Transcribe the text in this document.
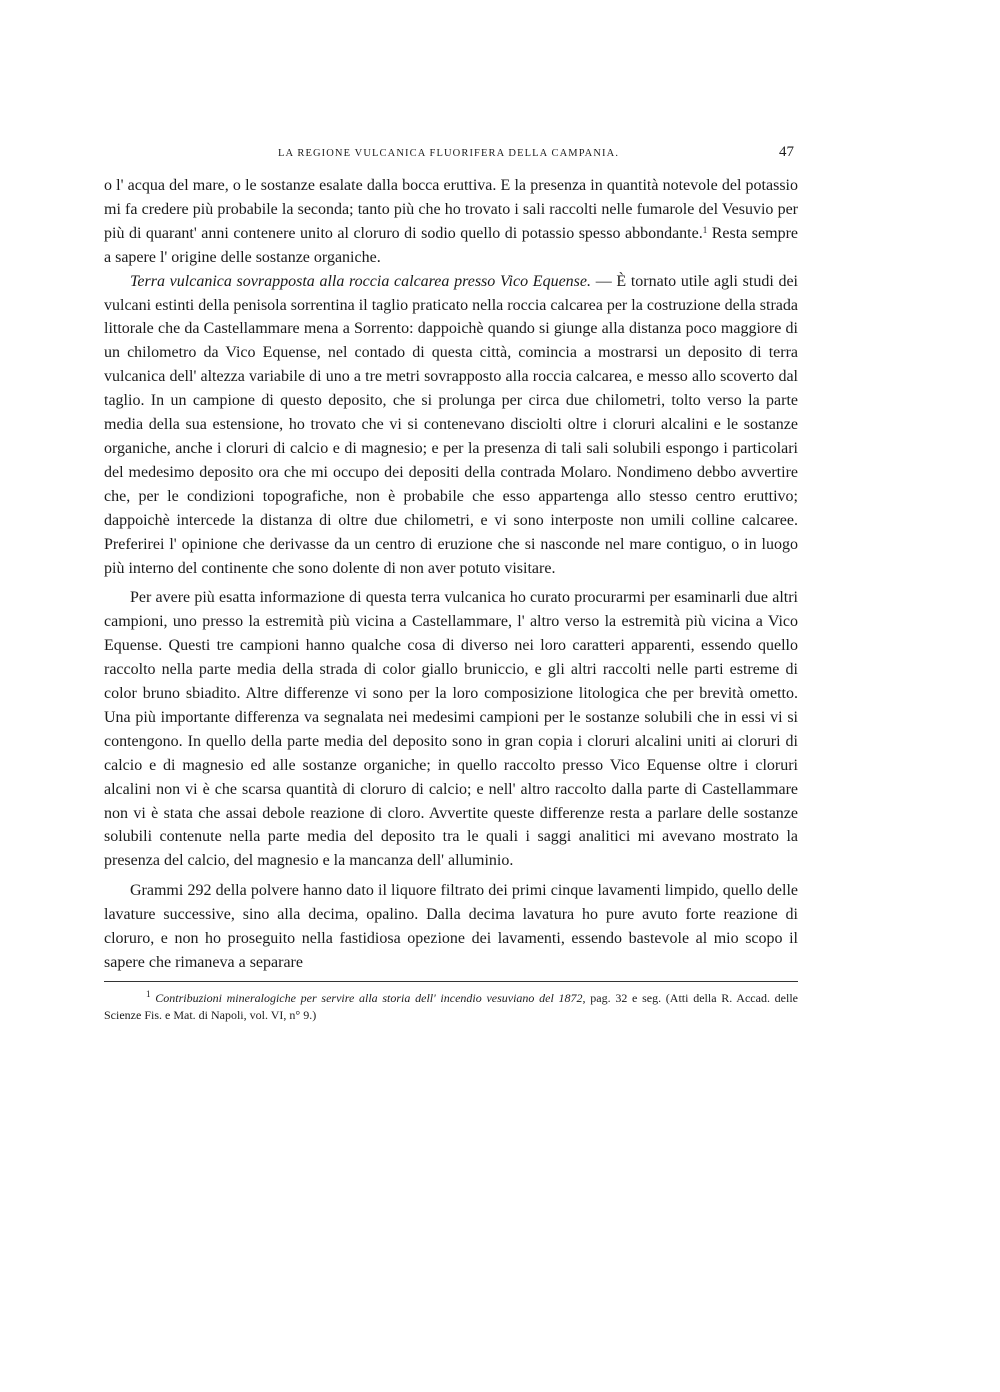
LA REGIONE VULCANICA FLUORIFERA DELLA CAMPANIA.	47

o l' acqua del mare, o le sostanze esalate dalla bocca eruttiva. E la presenza in quantità notevole del potassio mi fa credere più probabile la seconda; tanto più che ho trovato i sali raccolti nelle fumarole del Vesuvio per più di quarant' anni contenere unito al cloruro di sodio quello di potassio spesso abbondante.$^1$ Resta sempre a sapere l' origine delle sostanze organiche.

Terra vulcanica sovrapposta alla roccia calcarea presso Vico Equense. — È tornato utile agli studi dei vulcani estinti della penisola sorrentina il taglio praticato nella roccia calcarea per la costruzione della strada littorale che da Castellammare mena a Sorrento: dappoichè quando si giunge alla distanza poco maggiore di un chilometro da Vico Equense, nel contado di questa città, comincia a mostrarsi un deposito di terra vulcanica dell' altezza variabile di uno a tre metri sovrapposto alla roccia calcarea, e messo allo scoverto dal taglio. In un campione di questo deposito, che si prolunga per circa due chilometri, tolto verso la parte media della sua estensione, ho trovato che vi si contenevano disciolti oltre i cloruri alcalini e le sostanze organiche, anche i cloruri di calcio e di magnesio; e per la presenza di tali sali solubili espongo i particolari del medesimo deposito ora che mi occupo dei depositi della contrada Molaro. Nondimeno debbo avvertire che, per le condizioni topografiche, non è probabile che esso appartenga allo stesso centro eruttivo; dappoichè intercede la distanza di oltre due chilometri, e vi sono interposte non umili colline calcaree. Preferirei l' opinione che derivasse da un centro di eruzione che si nasconde nel mare contiguo, o in luogo più interno del continente che sono dolente di non aver potuto visitare.

Per avere più esatta informazione di questa terra vulcanica ho curato procurarmi per esaminarli due altri campioni, uno presso la estremità più vicina a Castellammare, l' altro verso la estremità più vicina a Vico Equense. Questi tre campioni hanno qualche cosa di diverso nei loro caratteri apparenti, essendo quello raccolto nella parte media della strada di color giallo bruniccio, e gli altri raccolti nelle parti estreme di color bruno sbiadito. Altre differenze vi sono per la loro composizione litologica che per brevità ometto. Una più importante differenza va segnalata nei medesimi campioni per le sostanze solubili che in essi vi si contengono. In quello della parte media del deposito sono in gran copia i cloruri alcalini uniti ai cloruri di calcio e di magnesio ed alle sostanze organiche; in quello raccolto presso Vico Equense oltre i cloruri alcalini non vi è che scarsa quantità di cloruro di calcio; e nell' altro raccolto dalla parte di Castellammare non vi è stata che assai debole reazione di cloro. Avvertite queste differenze resta a parlare delle sostanze solubili contenute nella parte media del deposito tra le quali i saggi analitici mi avevano mostrato la presenza del calcio, del magnesio e la mancanza dell' alluminio.

Grammi 292 della polvere hanno dato il liquore filtrato dei primi cinque lavamenti limpido, quello delle lavature successive, sino alla decima, opalino. Dalla decima lavatura ho pure avuto forte reazione di cloruro, e non ho proseguito nella fastidiosa opezione dei lavamenti, essendo bastevole al mio scopo il sapere che rimaneva a separare

$^1$ Contribuzioni mineralogiche per servire alla storia dell' incendio vesuviano del 1872, pag. 32 e seg. (Atti della R. Accad. delle Scienze Fis. e Mat. di Napoli, vol. VI, n° 9.)
